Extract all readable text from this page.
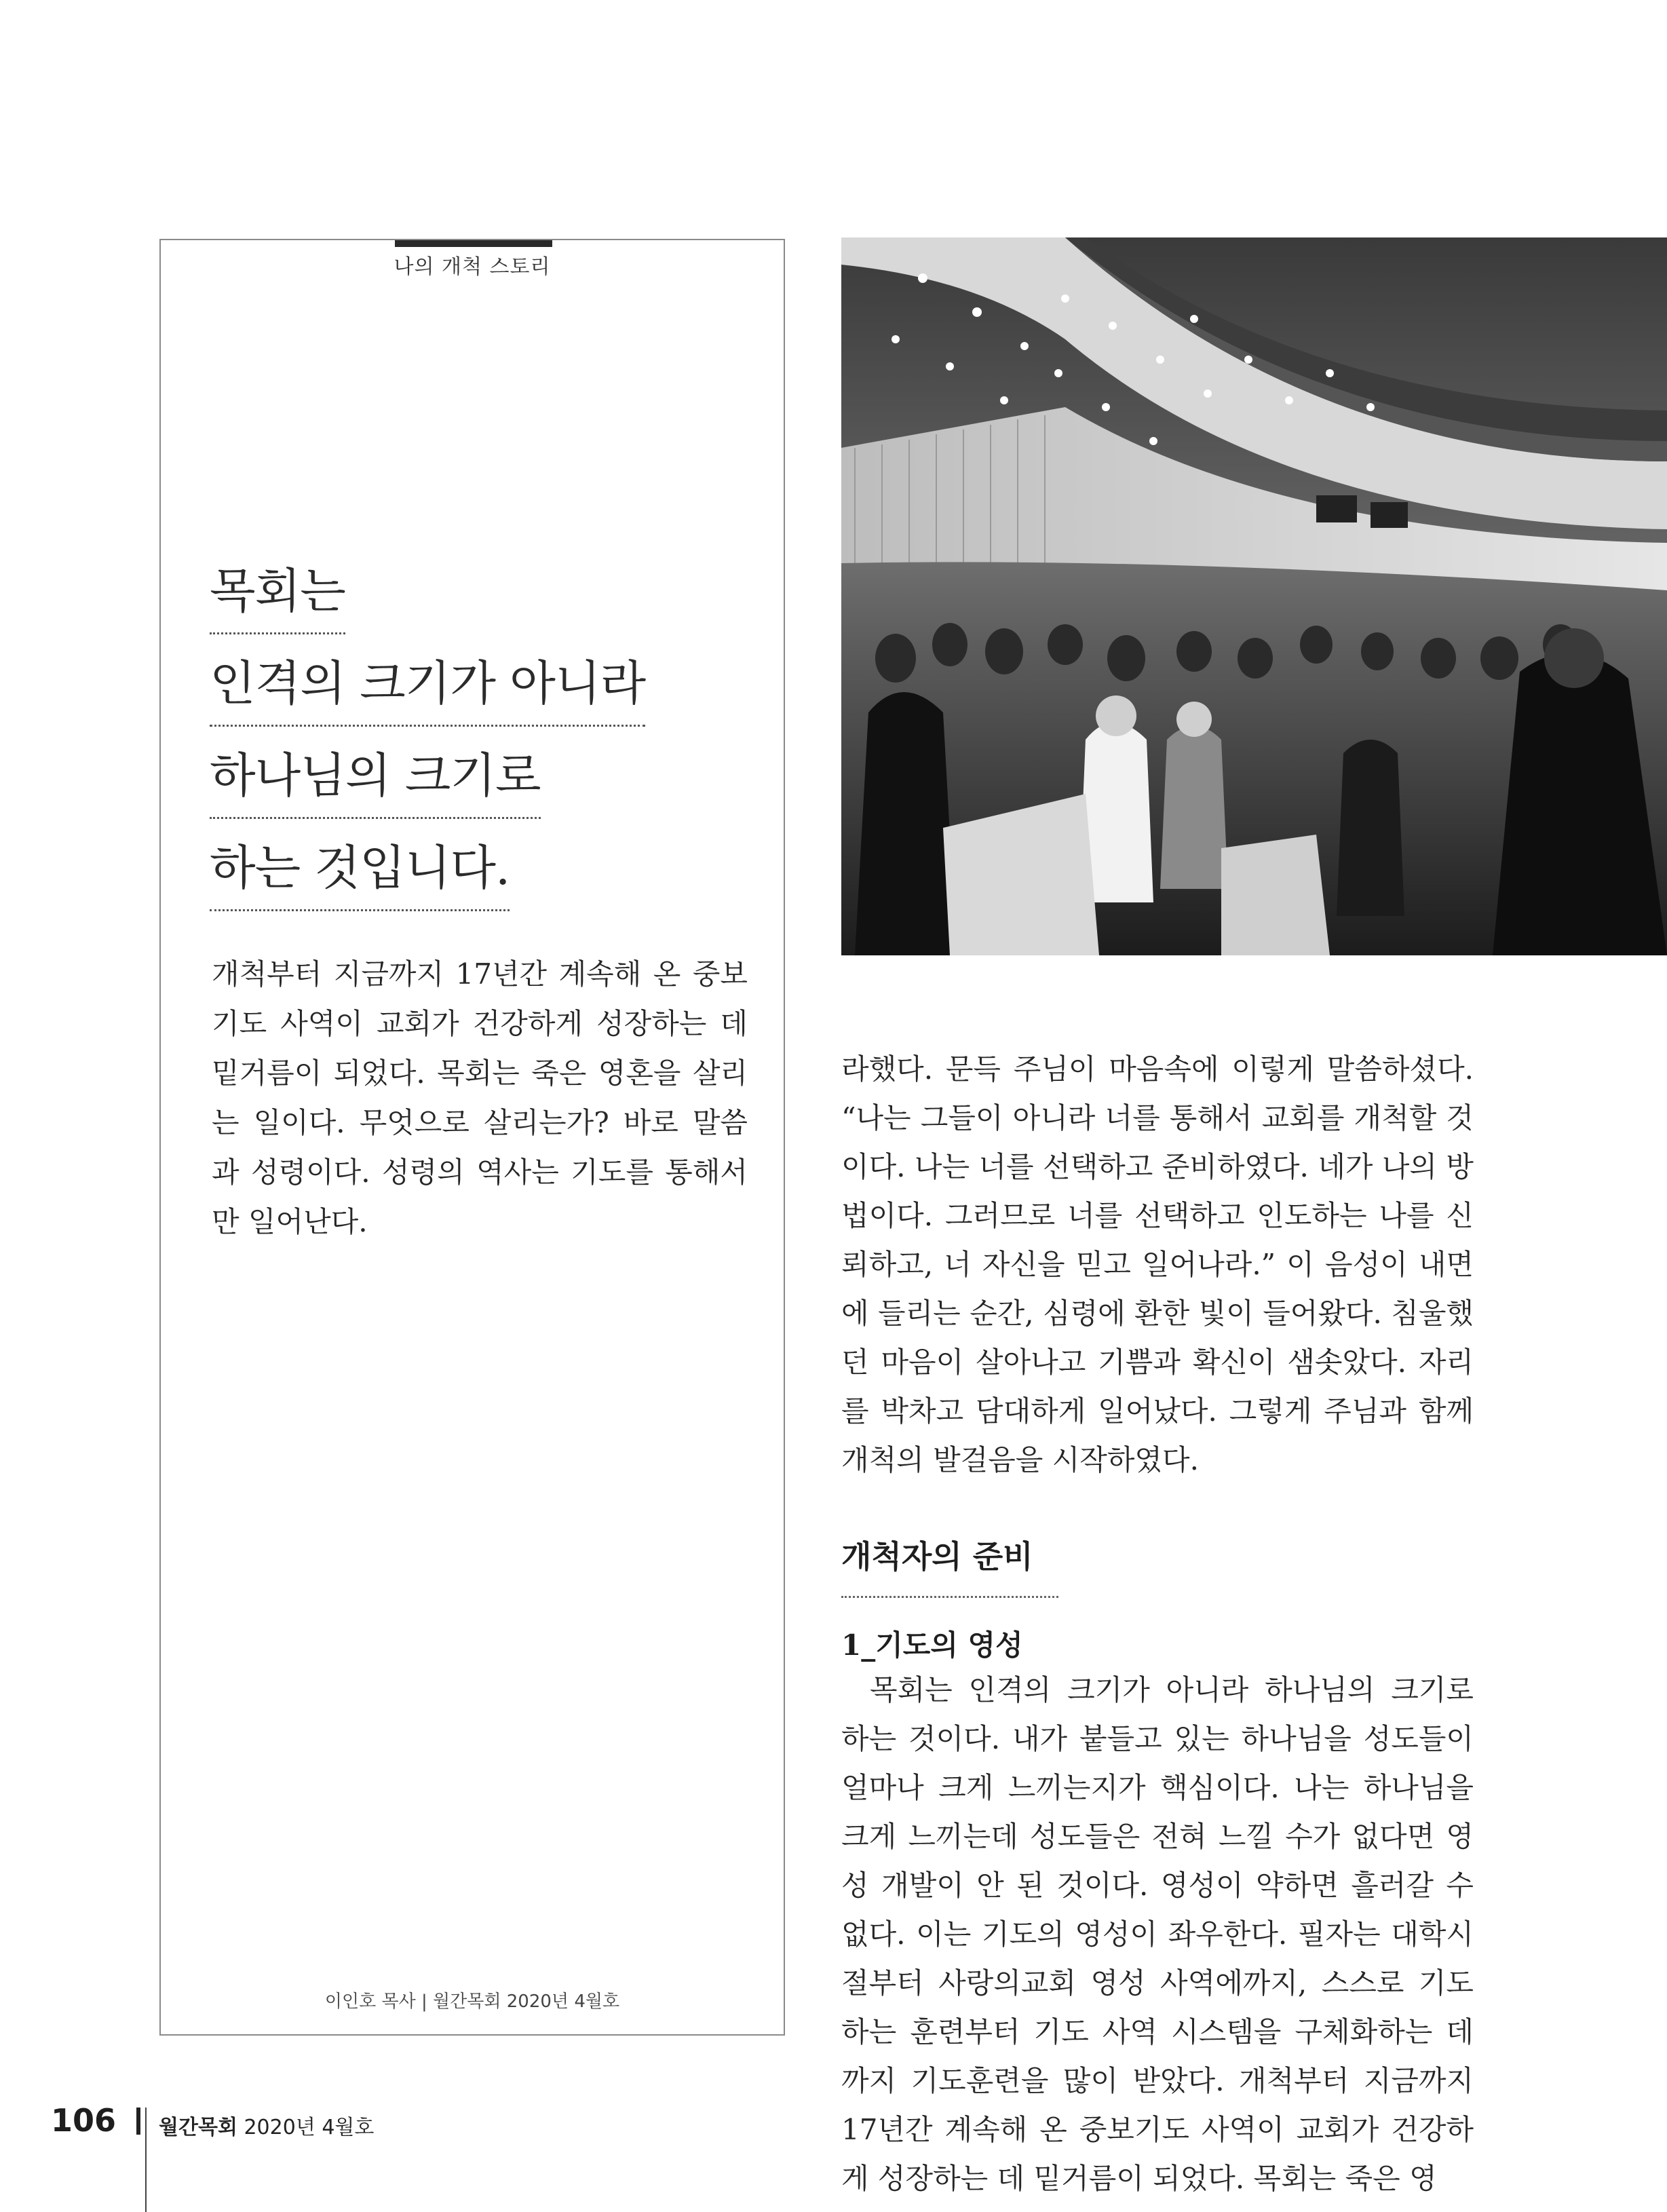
나의 개척 스토리
목회는
인격의 크기가 아니라
하나님의 크기로
하는 것입니다.

개척부터 지금까지 17년간 계속해 온 중보기도 사역이 교회가 건강하게 성장하는 데 밑거름이 되었다. 목회는 죽은 영혼을 살리는 일이다. 무엇으로 살리는가? 바로 말씀과 성령이다. 성령의 역사는 기도를 통해서만 일어난다.

이인호 목사 | 월간목회 2020년 4월호

라했다. 문득 주님이 마음속에 이렇게 말씀하셨다. “나는 그들이 아니라 너를 통해서 교회를 개척할 것이다. 나는 너를 선택하고 준비하였다. 네가 나의 방법이다. 그러므로 너를 선택하고 인도하는 나를 신뢰하고, 너 자신을 믿고 일어나라.” 이 음성이 내면에 들리는 순간, 심령에 환한 빛이 들어왔다. 침울했던 마음이 살아나고 기쁨과 확신이 샘솟았다. 자리를 박차고 담대하게 일어났다. 그렇게 주님과 함께 개척의 발걸음을 시작하였다.

개척자의 준비
1_기도의 영성

목회는 인격의 크기가 아니라 하나님의 크기로 하는 것이다. 내가 붙들고 있는 하나님을 성도들이 얼마나 크게 느끼는지가 핵심이다. 나는 하나님을 크게 느끼는데 성도들은 전혀 느낄 수가 없다면 영성 개발이 안 된 것이다. 영성이 약하면 흘러갈 수 없다. 이는 기도의 영성이 좌우한다. 필자는 대학시절부터 사랑의교회 영성 사역에까지, 스스로 기도하는 훈련부터 기도 사역 시스템을 구체화하는 데까지 기도훈련을 많이 받았다. 개척부터 지금까지 17년간 계속해 온 중보기도 사역이 교회가 건강하게 성장하는 데 밑거름이 되었다. 목회는 죽은 영

106 월간목회 2020년 4월호
